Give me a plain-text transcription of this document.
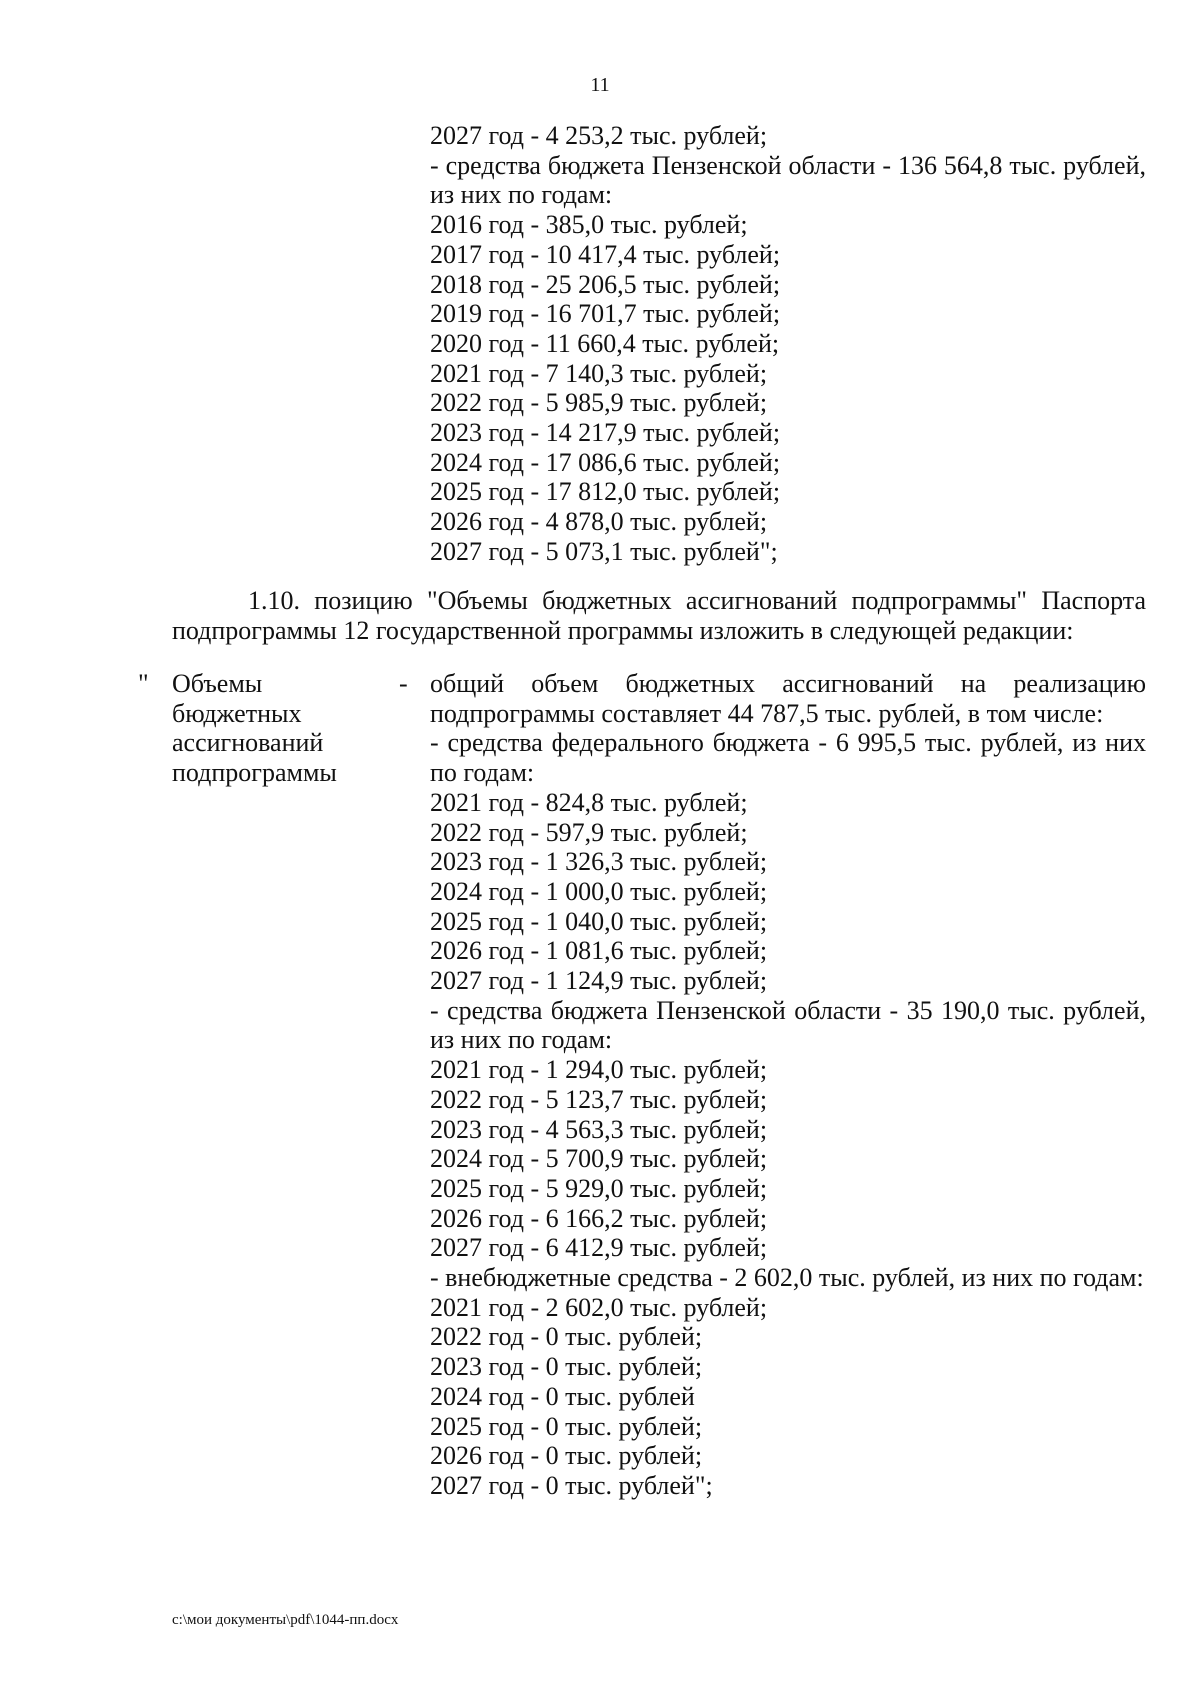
11
2027 год - 4 253,2 тыс. рублей;
- средства бюджета Пензенской области - 136 564,8 тыс. рублей, из них по годам:
2016 год - 385,0 тыс. рублей;
2017 год - 10 417,4 тыс. рублей;
2018 год - 25 206,5 тыс. рублей;
2019 год - 16 701,7 тыс. рублей;
2020 год - 11 660,4 тыс. рублей;
2021 год - 7 140,3 тыс. рублей;
2022 год - 5 985,9 тыс. рублей;
2023 год - 14 217,9 тыс. рублей;
2024 год - 17 086,6 тыс. рублей;
2025 год - 17 812,0 тыс. рублей;
2026 год - 4 878,0 тыс. рублей;
2027 год - 5 073,1 тыс. рублей";

1.10. позицию "Объемы бюджетных ассигнований подпрограммы" Паспорта подпрограммы 12 государственной программы изложить в следующей редакции:

" Объемы
бюджетных
ассигнований
подпрограммы
- общий объем бюджетных ассигнований на реализацию подпрограммы составляет 44 787,5 тыс. рублей, в том числе:
- средства федерального бюджета - 6 995,5 тыс. рублей, из них по годам:
2021 год - 824,8 тыс. рублей;
2022 год - 597,9 тыс. рублей;
2023 год - 1 326,3 тыс. рублей;
2024 год - 1 000,0 тыс. рублей;
2025 год - 1 040,0 тыс. рублей;
2026 год - 1 081,6 тыс. рублей;
2027 год - 1 124,9 тыс. рублей;
- средства бюджета Пензенской области - 35 190,0 тыс. рублей, из них по годам:
2021 год - 1 294,0 тыс. рублей;
2022 год - 5 123,7 тыс. рублей;
2023 год - 4 563,3 тыс. рублей;
2024 год - 5 700,9 тыс. рублей;
2025 год - 5 929,0 тыс. рублей;
2026 год - 6 166,2 тыс. рублей;
2027 год - 6 412,9 тыс. рублей;
- внебюджетные средства - 2 602,0 тыс. рублей, из них по годам:
2021 год - 2 602,0 тыс. рублей;
2022 год - 0 тыс. рублей;
2023 год - 0 тыс. рублей;
2024 год - 0 тыс. рублей
2025 год - 0 тыс. рублей;
2026 год - 0 тыс. рублей;
2027 год - 0 тыс. рублей";
c:\мои документы\pdf\1044-пп.docx
